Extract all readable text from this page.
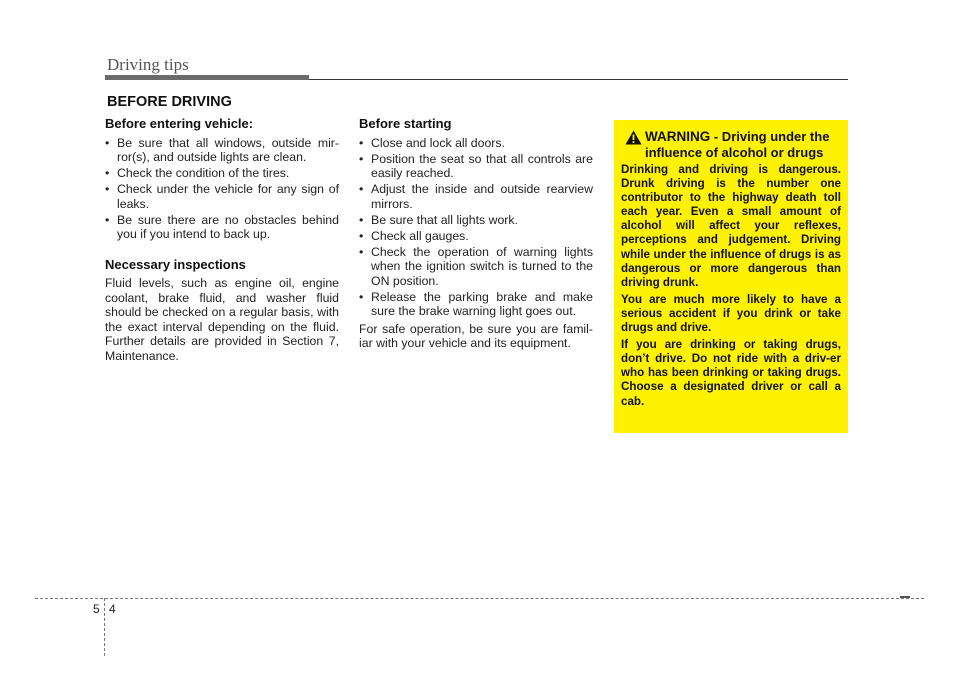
Driving tips
BEFORE DRIVING
Before entering vehicle:
• Be sure that all windows, outside mir-ror(s), and outside lights are clean.
• Check the condition of the tires.
• Check under the vehicle for any sign of leaks.
• Be sure there are no obstacles behind you if you intend to back up.
Necessary inspections

Fluid levels, such as engine oil, engine coolant, brake fluid, and washer fluid should be checked on a regular basis, with the exact interval depending on the fluid. Further details are provided in Section 7, Maintenance.

Before starting
• Close and lock all doors.
• Position the seat so that all controls are easily reached.
• Adjust the inside and outside rearview mirrors.
• Be sure that all lights work.
• Check all gauges.
• Check the operation of warning lights when the ignition switch is turned to the ON position.
• Release the parking brake and make sure the brake warning light goes out.

For safe operation, be sure you are famil-iar with your vehicle and its equipment.

WARNING - Driving under the influence of alcohol or drugs

Drinking and driving is dangerous. Drunk driving is the number one contributor to the highway death toll each year. Even a small amount of alcohol will affect your reflexes, perceptions and judgement. Driving while under the influence of drugs is as dangerous or more dangerous than driving drunk.

You are much more likely to have a serious accident if you drink or take drugs and drive.

If you are drinking or taking drugs, don’t drive. Do not ride with a driv-er who has been drinking or taking drugs. Choose a designated driver or call a cab.

5 4
